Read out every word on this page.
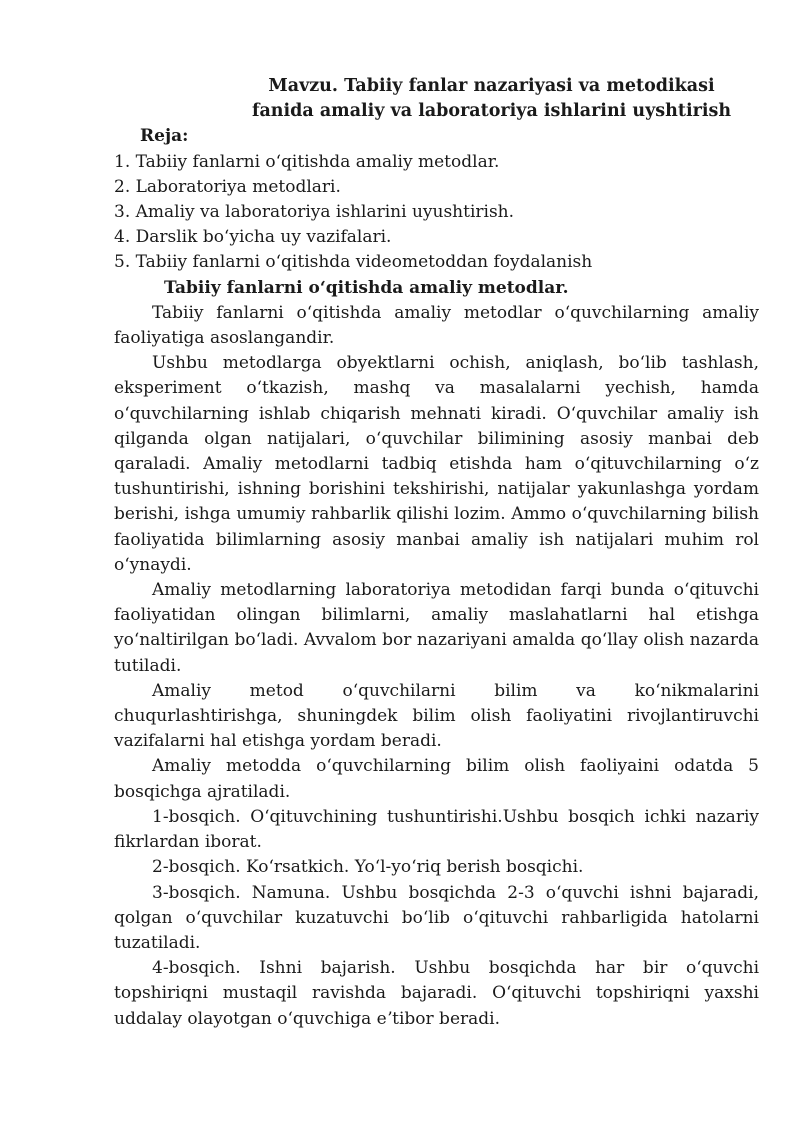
Mavzu. Tabiiy fanlar nazariyasi va metodikasi
fanida amaliy va laboratoriya ishlarini uyshtirish

Reja:

1. Tabiiy fanlarni oʻqitishda amaliy metodlar.
2. Laboratoriya metodlari.
3. Amaliy va laboratoriya ishlarini uyushtirish.
4. Darslik boʻyicha uy vazifalari.
5. Tabiiy fanlarni oʻqitishda videometoddan foydalanish

Tabiiy fanlarni oʻqitishda amaliy metodlar.

Tabiiy fanlarni oʻqitishda amaliy metodlar oʻquvchilarning amaliy faoliyatiga asoslangandir.

Ushbu metodlarga obyektlarni ochish, aniqlash, boʻlib tashlash, eksperiment oʻtkazish, mashq va masalalarni yechish, hamda oʻquvchilarning ishlab chiqarish mehnati kiradi. Oʻquvchilar amaliy ish qilganda olgan natijalari, oʻquvchilar bilimining asosiy manbai deb qaraladi. Amaliy metodlarni tadbiq etishda ham oʻqituvchilarning oʻz tushuntirishi, ishning borishini tekshirishi, natijalar yakunlashga yordam berishi, ishga umumiy rahbarlik qilishi lozim. Ammo oʻquvchilarning bilish faoliyatida bilimlarning asosiy manbai amaliy ish natijalari muhim rol oʻynaydi.

Amaliy metodlarning laboratoriya metodidan farqi bunda oʻqituvchi faoliyatidan olingan bilimlarni, amaliy maslahatlarni hal etishga yoʻnaltirilgan boʻladi. Avvalom bor nazariyani amalda qoʻllay olish nazarda tutiladi.

Amaliy metod oʻquvchilarni bilim va koʻnikmalarini chuqurlashtirishga, shuningdek bilim olish faoliyatini rivojlantiruvchi vazifalarni hal etishga yordam beradi.

Amaliy metodda oʻquvchilarning bilim olish faoliyaini odatda 5 bosqichga ajratiladi.

1-bosqich. Oʻqituvchining tushuntirishi.Ushbu bosqich ichki nazariy fikrlardan iborat.

2-bosqich. Koʻrsatkich. Yoʻl-yoʻriq berish bosqichi.

3-bosqich. Namuna. Ushbu bosqichda 2-3 oʻquvchi ishni bajaradi, qolgan oʻquvchilar kuzatuvchi boʻlib oʻqituvchi rahbarligida hatolarni tuzatiladi.

4-bosqich. Ishni bajarish. Ushbu bosqichda har bir oʻquvchi topshiriqni mustaqil ravishda bajaradi. Oʻqituvchi topshiriqni yaxshi uddalay olayotgan oʻquvchiga eʼtibor beradi.
